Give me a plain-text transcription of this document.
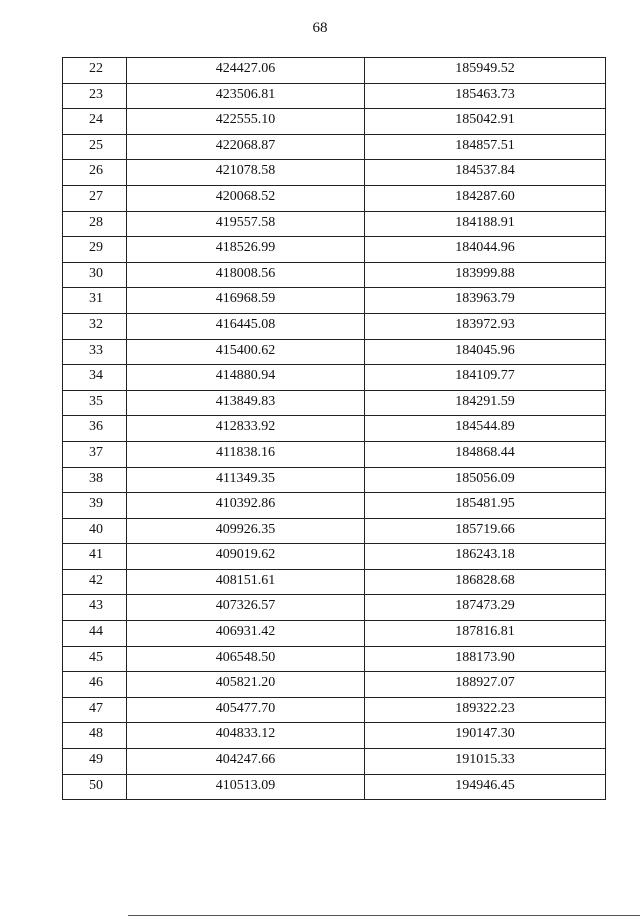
68
22	424427.06	185949.52
23	423506.81	185463.73
24	422555.10	185042.91
25	422068.87	184857.51
26	421078.58	184537.84
27	420068.52	184287.60
28	419557.58	184188.91
29	418526.99	184044.96
30	418008.56	183999.88
31	416968.59	183963.79
32	416445.08	183972.93
33	415400.62	184045.96
34	414880.94	184109.77
35	413849.83	184291.59
36	412833.92	184544.89
37	411838.16	184868.44
38	411349.35	185056.09
39	410392.86	185481.95
40	409926.35	185719.66
41	409019.62	186243.18
42	408151.61	186828.68
43	407326.57	187473.29
44	406931.42	187816.81
45	406548.50	188173.90
46	405821.20	188927.07
47	405477.70	189322.23
48	404833.12	190147.30
49	404247.66	191015.33
50	410513.09	194946.45
